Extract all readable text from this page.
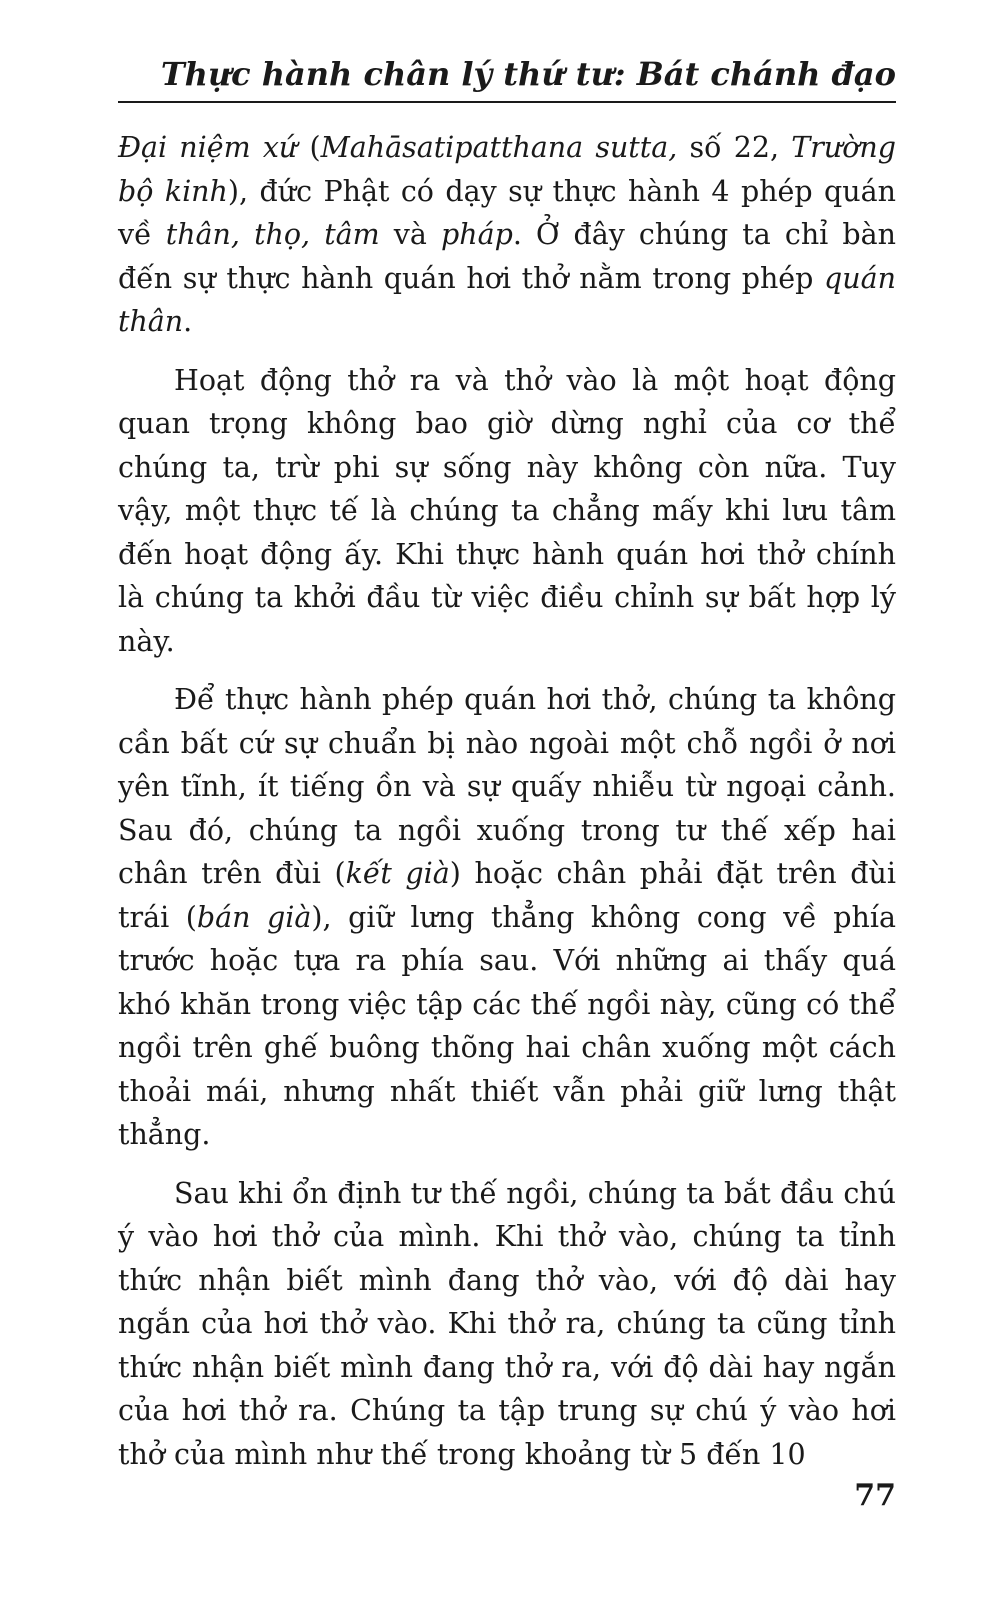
Thực hành chân lý thứ tư: Bát chánh đạo

Đại niệm xứ (Mahāsatipatthana sutta, số 22, Trường bộ kinh), đức Phật có dạy sự thực hành 4 phép quán về thân, thọ, tâm và pháp. Ở đây chúng ta chỉ bàn đến sự thực hành quán hơi thở nằm trong phép quán thân.

Hoạt động thở ra và thở vào là một hoạt động quan trọng không bao giờ dừng nghỉ của cơ thể chúng ta, trừ phi sự sống này không còn nữa. Tuy vậy, một thực tế là chúng ta chẳng mấy khi lưu tâm đến hoạt động ấy. Khi thực hành quán hơi thở chính là chúng ta khởi đầu từ việc điều chỉnh sự bất hợp lý này.

Để thực hành phép quán hơi thở, chúng ta không cần bất cứ sự chuẩn bị nào ngoài một chỗ ngồi ở nơi yên tĩnh, ít tiếng ồn và sự quấy nhiễu từ ngoại cảnh. Sau đó, chúng ta ngồi xuống trong tư thế xếp hai chân trên đùi (kết già) hoặc chân phải đặt trên đùi trái (bán già), giữ lưng thẳng không cong về phía trước hoặc tựa ra phía sau. Với những ai thấy quá khó khăn trong việc tập các thế ngồi này, cũng có thể ngồi trên ghế buông thõng hai chân xuống một cách thoải mái, nhưng nhất thiết vẫn phải giữ lưng thật thẳng.

Sau khi ổn định tư thế ngồi, chúng ta bắt đầu chú ý vào hơi thở của mình. Khi thở vào, chúng ta tỉnh thức nhận biết mình đang thở vào, với độ dài hay ngắn của hơi thở vào. Khi thở ra, chúng ta cũng tỉnh thức nhận biết mình đang thở ra, với độ dài hay ngắn của hơi thở ra. Chúng ta tập trung sự chú ý vào hơi thở của mình như thế trong khoảng từ 5 đến 10

77
